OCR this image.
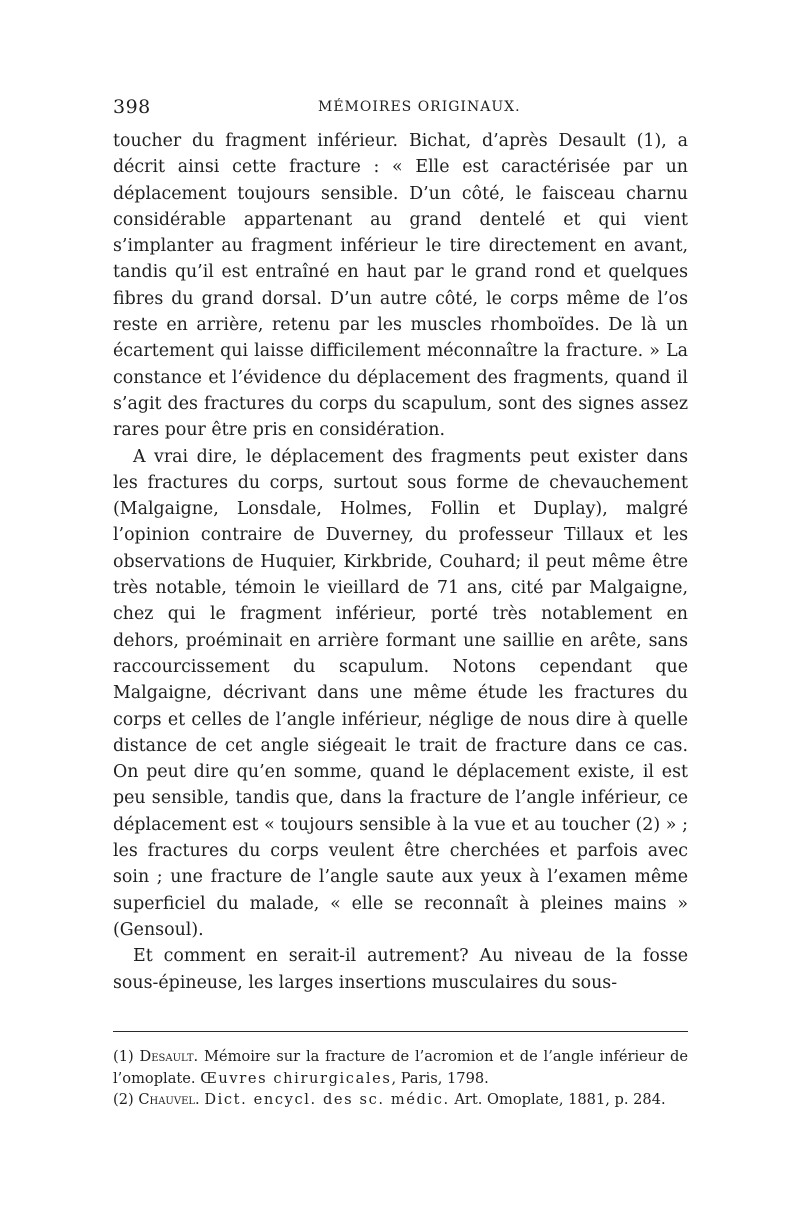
398	MÉMOIRES ORIGINAUX.

toucher du fragment inférieur. Bichat, d’après Desault (1), a décrit ainsi cette fracture : « Elle est caractérisée par un déplacement toujours sensible. D’un côté, le faisceau charnu considérable appartenant au grand dentelé et qui vient s’implanter au fragment inférieur le tire directement en avant, tandis qu’il est entraîné en haut par le grand rond et quelques fibres du grand dorsal. D’un autre côté, le corps même de l’os reste en arrière, retenu par les muscles rhomboïdes. De là un écartement qui laisse difficilement méconnaître la fracture. » La constance et l’évidence du déplacement des fragments, quand il s’agit des fractures du corps du scapulum, sont des signes assez rares pour être pris en considération.

A vrai dire, le déplacement des fragments peut exister dans les fractures du corps, surtout sous forme de chevauchement (Malgaigne, Lonsdale, Holmes, Follin et Duplay), malgré l’opinion contraire de Duverney, du professeur Tillaux et les observations de Huquier, Kirkbride, Couhard; il peut même être très notable, témoin le vieillard de 71 ans, cité par Malgaigne, chez qui le fragment inférieur, porté très notablement en dehors, proéminait en arrière formant une saillie en arête, sans raccourcissement du scapulum. Notons cependant que Malgaigne, décrivant dans une même étude les fractures du corps et celles de l’angle inférieur, néglige de nous dire à quelle distance de cet angle siégeait le trait de fracture dans ce cas. On peut dire qu’en somme, quand le déplacement existe, il est peu sensible, tandis que, dans la fracture de l’angle inférieur, ce déplacement est « toujours sensible à la vue et au toucher (2) » ; les fractures du corps veulent être cherchées et parfois avec soin ; une fracture de l’angle saute aux yeux à l’examen même superficiel du malade, « elle se reconnaît à pleines mains » (Gensoul).

Et comment en serait-il autrement? Au niveau de la fosse sous-épineuse, les larges insertions musculaires du sous-

(1) Desault. Mémoire sur la fracture de l’acromion et de l’angle inférieur de l’omoplate. Œuvres chirurgicales, Paris, 1798.

(2) Chauvel. Dict. encycl. des sc. médic. Art. Omoplate, 1881, p. 284.
